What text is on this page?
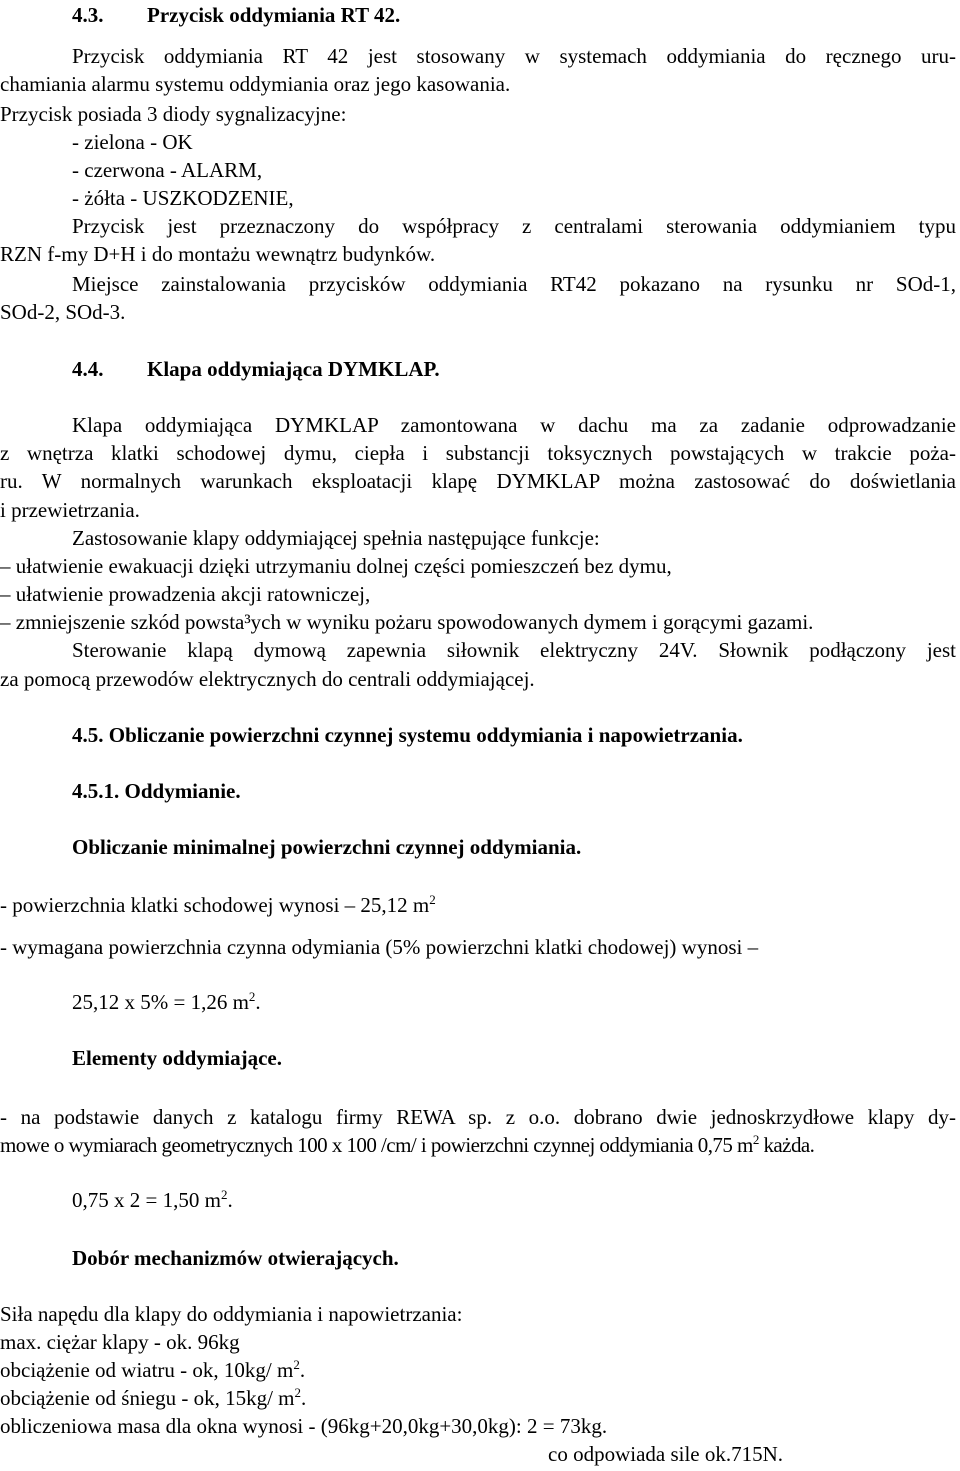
4.3. Przycisk oddymiania RT 42.
Przycisk oddymiania RT 42 jest stosowany w systemach oddymiania do ręcznego uru-
chamiania alarmu systemu oddymiania oraz jego kasowania.
Przycisk posiada 3 diody sygnalizacyjne:
- zielona - OK
- czerwona - ALARM,
- żółta - USZKODZENIE,
Przycisk jest przeznaczony do współpracy z centralami sterowania oddymianiem typu
RZN f-my D+H i do montażu wewnątrz budynków.
Miejsce zainstalowania przycisków oddymiania RT42 pokazano na rysunku nr SOd-1,
SOd-2, SOd-3.
4.4. Klapa oddymiająca DYMKLAP.
Klapa oddymiająca DYMKLAP zamontowana w dachu ma za zadanie odprowadzanie
z wnętrza klatki schodowej dymu, ciepła i substancji toksycznych powstających w trakcie poża-
ru. W normalnych warunkach eksploatacji klapę DYMKLAP można zastosować do doświetlania
i przewietrzania.
Zastosowanie klapy oddymiającej spełnia następujące funkcje:
– ułatwienie ewakuacji dzięki utrzymaniu dolnej części pomieszczeń bez dymu,
– ułatwienie prowadzenia akcji ratowniczej,
– zmniejszenie szkód powsta³ych w wyniku pożaru spowodowanych dymem i gorącymi gazami.
Sterowanie klapą dymową zapewnia siłownik elektryczny 24V. Słownik podłączony jest
za pomocą przewodów elektrycznych do centrali oddymiającej.
4.5. Obliczanie powierzchni czynnej systemu oddymiania i napowietrzania.
4.5.1. Oddymianie.
Obliczanie minimalnej powierzchni czynnej oddymiania.
- powierzchnia klatki schodowej wynosi – 25,12 $m^2$
- wymagana powierzchnia czynna odymiania (5% powierzchni klatki chodowej) wynosi –
25,12 x 5% = 1,26 $m^2$.
Elementy oddymiające.
- na podstawie danych z katalogu firmy REWA sp. z o.o. dobrano dwie jednoskrzydłowe klapy dy-
mowe o wymiarach geometrycznych 100 x 100 /cm/ i powierzchni czynnej oddymiania 0,75 $m^2$ każda.
0,75 x 2 = 1,50 $m^2$.
Dobór mechanizmów otwierających.
Siła napędu dla klapy do oddymiania i napowietrzania:
max. ciężar klapy - ok. 96kg
obciążenie od wiatru - ok, 10kg/ $m^2$.
obciążenie od śniegu - ok, 15kg/ $m^2$.
obliczeniowa masa dla okna wynosi - (96kg+20,0kg+30,0kg): 2 = 73kg.
co odpowiada sile ok.715N.
